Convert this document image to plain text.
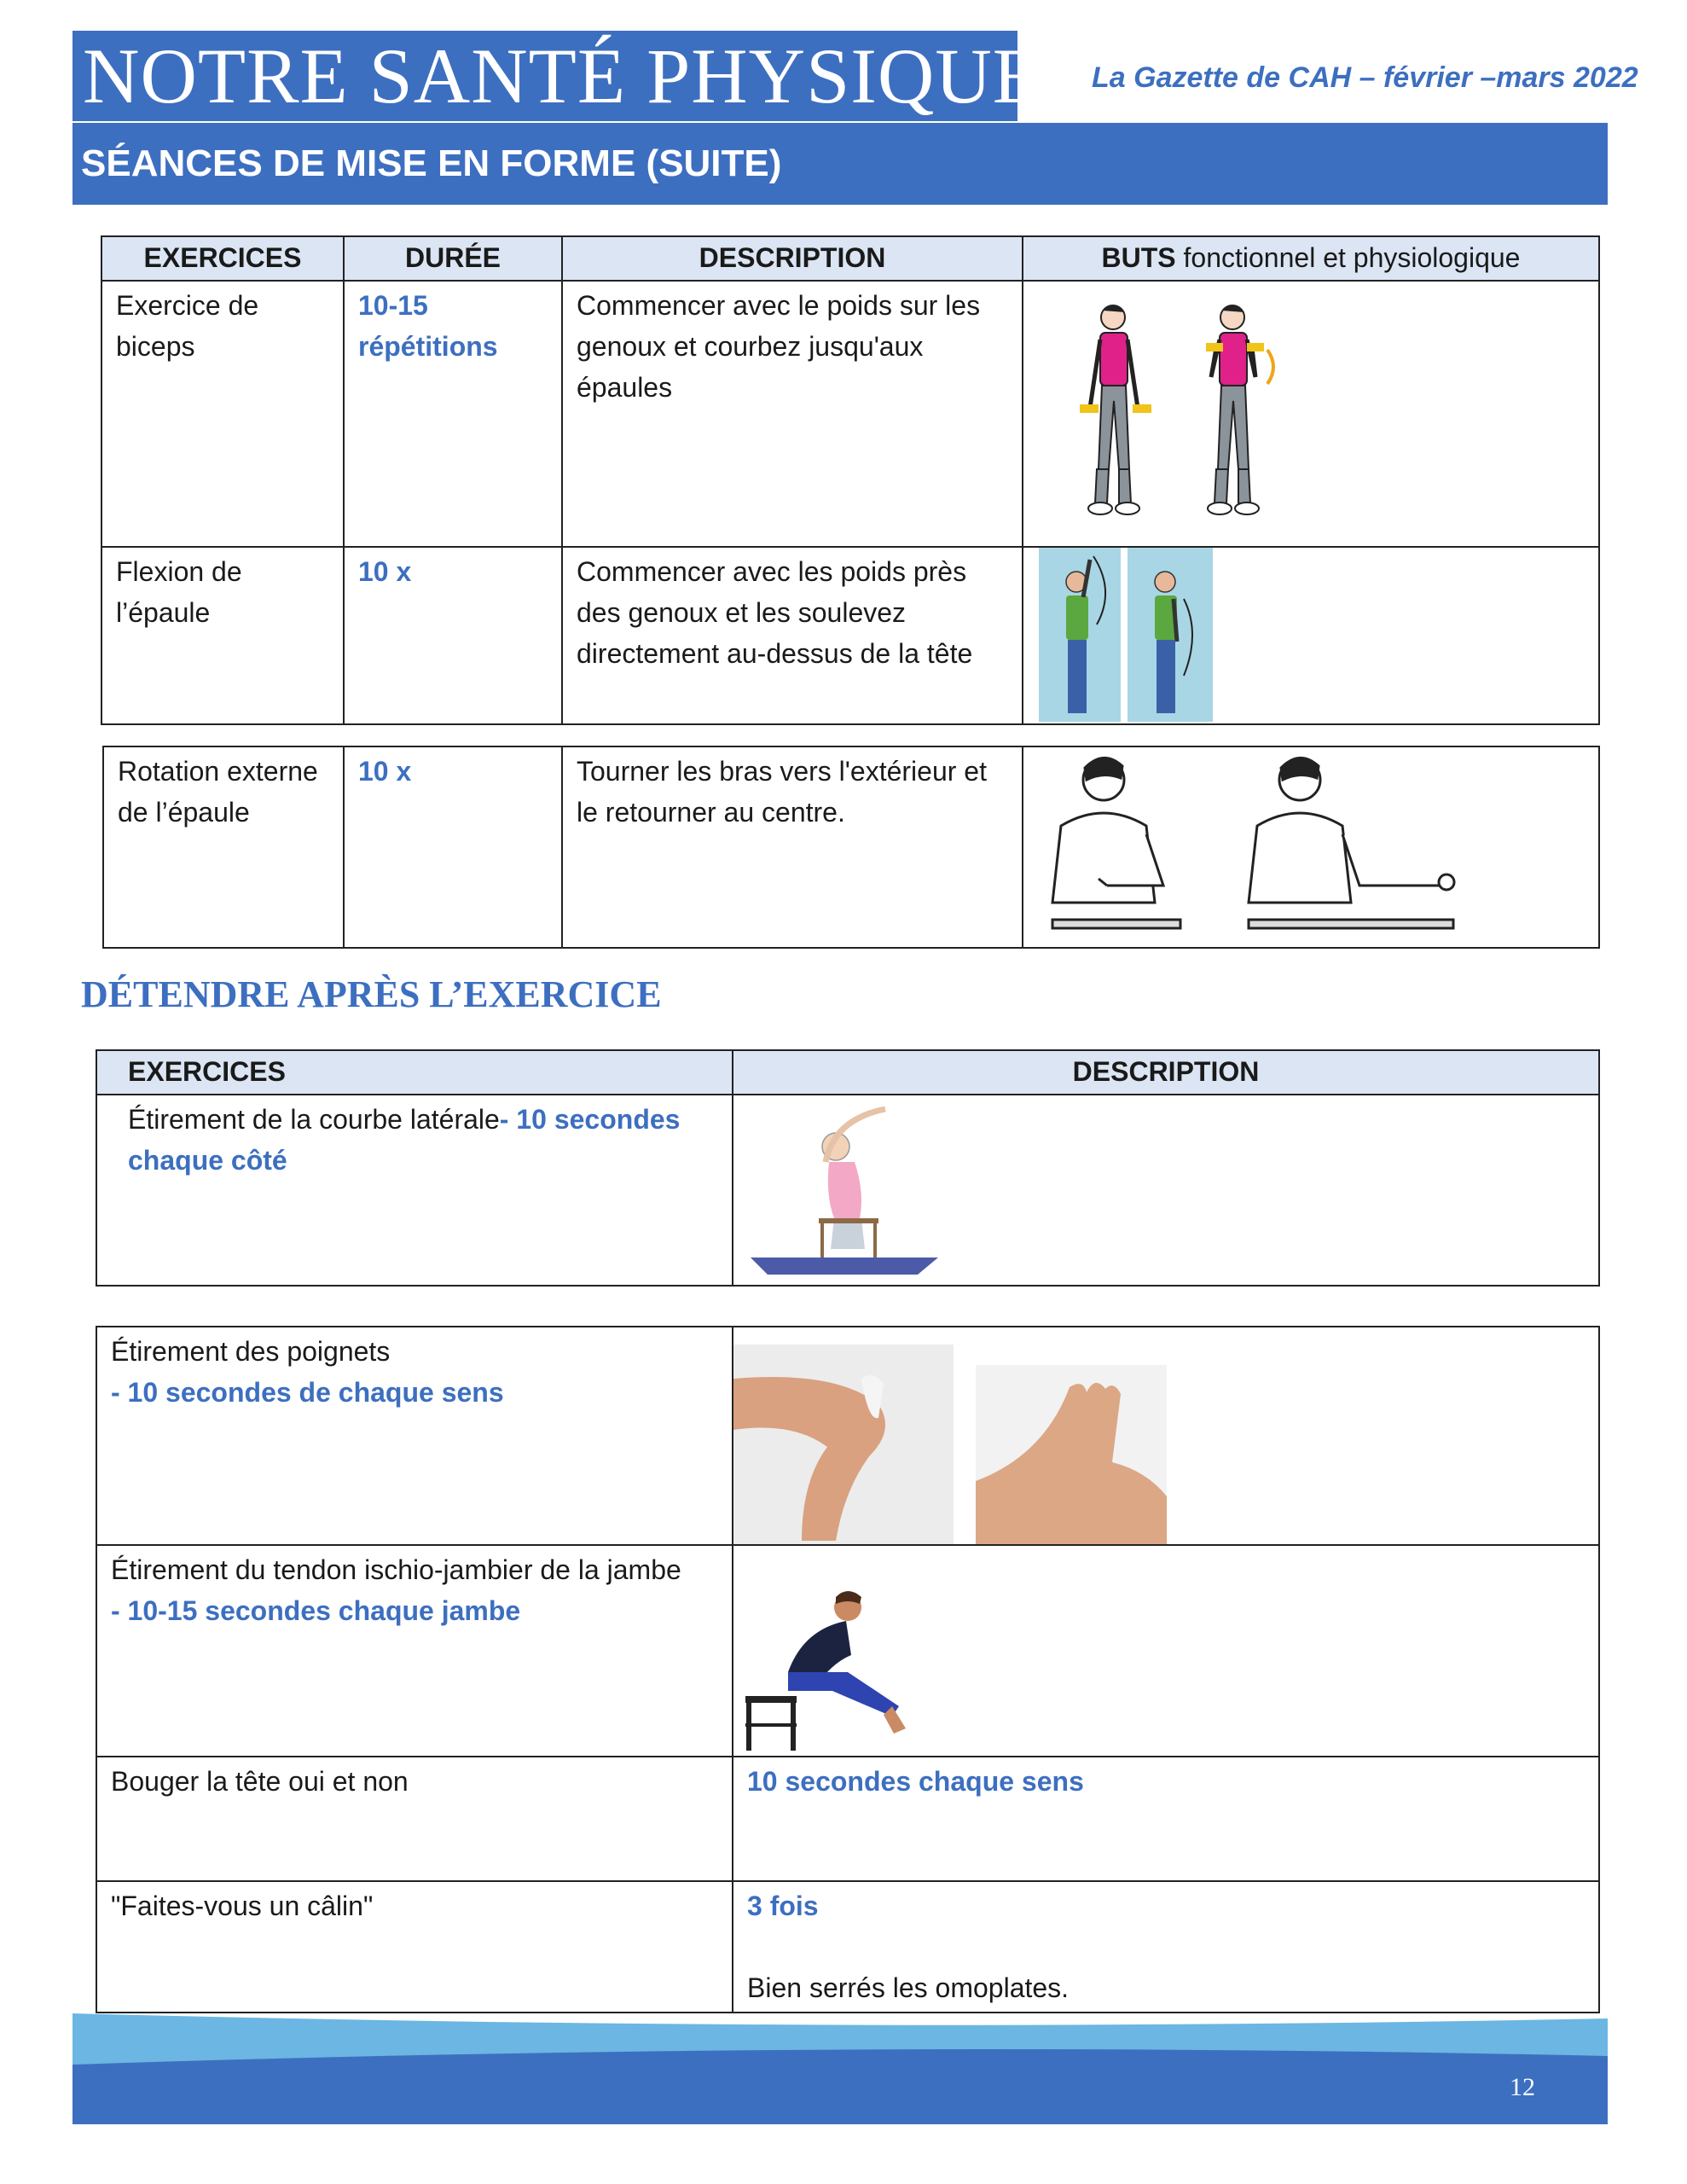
NOTRE SANTÉ PHYSIQUE La Gazette de CAH – février –mars 2022
SÉANCES DE MISE EN FORME (SUITE)
EXERCICES	DURÉE	DESCRIPTION	BUTS fonctionnel et physiologique
Exercice de biceps	10-15 répétitions	Commencer avec le poids sur les genoux et courbez jusqu'aux épaules	

Flexion de l’épaule	10 x	Commencer avec les poids près des genoux et les soulevez directement au-dessus de la tête	
Rotation externe de l’épaule	10 x	Tourner les bras vers l'extérieur et le retourner au centre.	
DÉTENDRE APRÈS L’EXERCICE
EXERCICES	DESCRIPTION
Étirement de la courbe latérale- 10 secondes chaque côté	
Étirement des poignets
- 10 secondes de chaque sens

Étirement du tendon ischio-jambier de la jambe
- 10-15 secondes chaque jambe

Bouger la tête oui et non	10 secondes chaque sens
"Faites-vous un câlin"	3 fois
Bien serrés les omoplates.
12
